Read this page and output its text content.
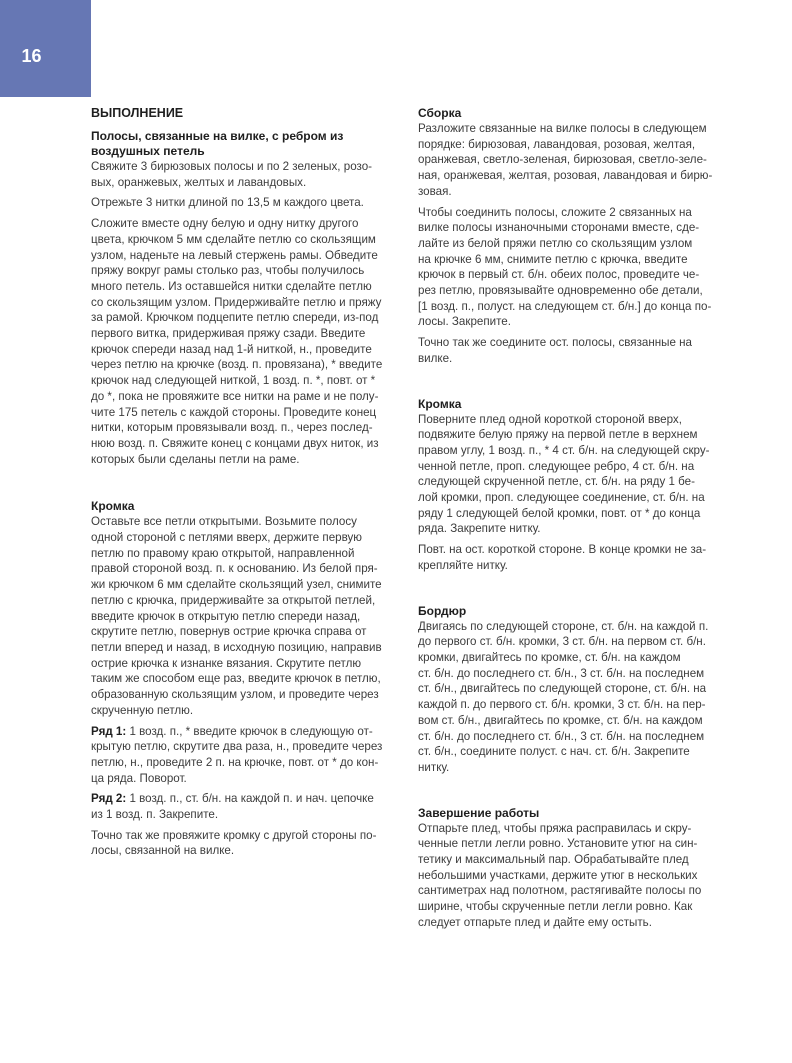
16
ВЫПОЛНЕНИЕ
Полосы, связанные на вилке, с ребром из
воздушных петель
Свяжите 3 бирюзовых полосы и по 2 зеленых, розо-
вых, оранжевых, желтых и лавандовых.
Отрежьте 3 нитки длиной по 13,5 м каждого цвета.
Сложите вместе одну белую и одну нитку другого
цвета, крючком 5 мм сделайте петлю со скользящим
узлом, наденьте на левый стержень рамы. Обведите
пряжу вокруг рамы столько раз, чтобы получилось
много петель. Из оставшейся нитки сделайте петлю
со скользящим узлом. Придерживайте петлю и пряжу
за рамой. Крючком подцепите петлю спереди, из-под
первого витка, придерживая пряжу сзади. Введите
крючок спереди назад над 1-й ниткой, н., проведите
через петлю на крючке (возд. п. провязана), * введите
крючок над следующей ниткой, 1 возд. п. *, повт. от *
до *, пока не провяжите все нитки на раме и не полу-
чите 175 петель с каждой стороны. Проведите конец
нитки, которым провязывали возд. п., через послед-
нюю возд. п. Свяжите конец с концами двух ниток, из
которых были сделаны петли на раме.
Кромка
Оставьте все петли открытыми. Возьмите полосу
одной стороной с петлями вверх, держите первую
петлю по правому краю открытой, направленной
правой стороной возд. п. к основанию. Из белой пря-
жи крючком 6 мм сделайте скользящий узел, снимите
петлю с крючка, придерживайте за открытой петлей,
введите крючок в открытую петлю спереди назад,
скрутите петлю, повернув острие крючка справа от
петли вперед и назад, в исходную позицию, направив
острие крючка к изнанке вязания. Скрутите петлю
таким же способом еще раз, введите крючок в петлю,
образованную скользящим узлом, и проведите через
скрученную петлю.
Ряд 1: 1 возд. п., * введите крючок в следующую от-
крытую петлю, скрутите два раза, н., проведите через
петлю, н., проведите 2 п. на крючке, повт. от * до кон-
ца ряда. Поворот.
Ряд 2: 1 возд. п., ст. б/н. на каждой п. и нач. цепочке
из 1 возд. п. Закрепите.
Точно так же провяжите кромку с другой стороны по-
лосы, связанной на вилке.
Сборка
Разложите связанные на вилке полосы в следующем
порядке: бирюзовая, лавандовая, розовая, желтая,
оранжевая, светло-зеленая, бирюзовая, светло-зеле-
ная, оранжевая, желтая, розовая, лавандовая и бирю-
зовая.
Чтобы соединить полосы, сложите 2 связанных на
вилке полосы изнаночными сторонами вместе, сде-
лайте из белой пряжи петлю со скользящим узлом
на крючке 6 мм, снимите петлю с крючка, введите
крючок в первый ст. б/н. обеих полос, проведите че-
рез петлю, провязывайте одновременно обе детали,
[1 возд. п., полуст. на следующем ст. б/н.] до конца по-
лосы. Закрепите.
Точно так же соедините ост. полосы, связанные на
вилке.
Кромка
Поверните плед одной короткой стороной вверх,
подвяжите белую пряжу на первой петле в верхнем
правом углу, 1 возд. п., * 4 ст. б/н. на следующей скру-
ченной петле, проп. следующее ребро, 4 ст. б/н. на
следующей скрученной петле, ст. б/н. на ряду 1 бе-
лой кромки, проп. следующее соединение, ст. б/н. на
ряду 1 следующей белой кромки, повт. от * до конца
ряда. Закрепите нитку.
Повт. на ост. короткой стороне. В конце кромки не за-
крепляйте нитку.
Бордюр
Двигаясь по следующей стороне, ст. б/н. на каждой п.
до первого ст. б/н. кромки, 3 ст. б/н. на первом ст. б/н.
кромки, двигайтесь по кромке, ст. б/н. на каждом
ст. б/н. до последнего ст. б/н., 3 ст. б/н. на последнем
ст. б/н., двигайтесь по следующей стороне, ст. б/н. на
каждой п. до первого ст. б/н. кромки, 3 ст. б/н. на пер-
вом ст. б/н., двигайтесь по кромке, ст. б/н. на каждом
ст. б/н. до последнего ст. б/н., 3 ст. б/н. на последнем
ст. б/н., соедините полуст. с нач. ст. б/н. Закрепите
нитку.
Завершение работы
Отпарьте плед, чтобы пряжа расправилась и скру-
ченные петли легли ровно. Установите утюг на син-
тетику и максимальный пар. Обрабатывайте плед
небольшими участками, держите утюг в нескольких
сантиметрах над полотном, растягивайте полосы по
ширине, чтобы скрученные петли легли ровно. Как
следует отпарьте плед и дайте ему остыть.
